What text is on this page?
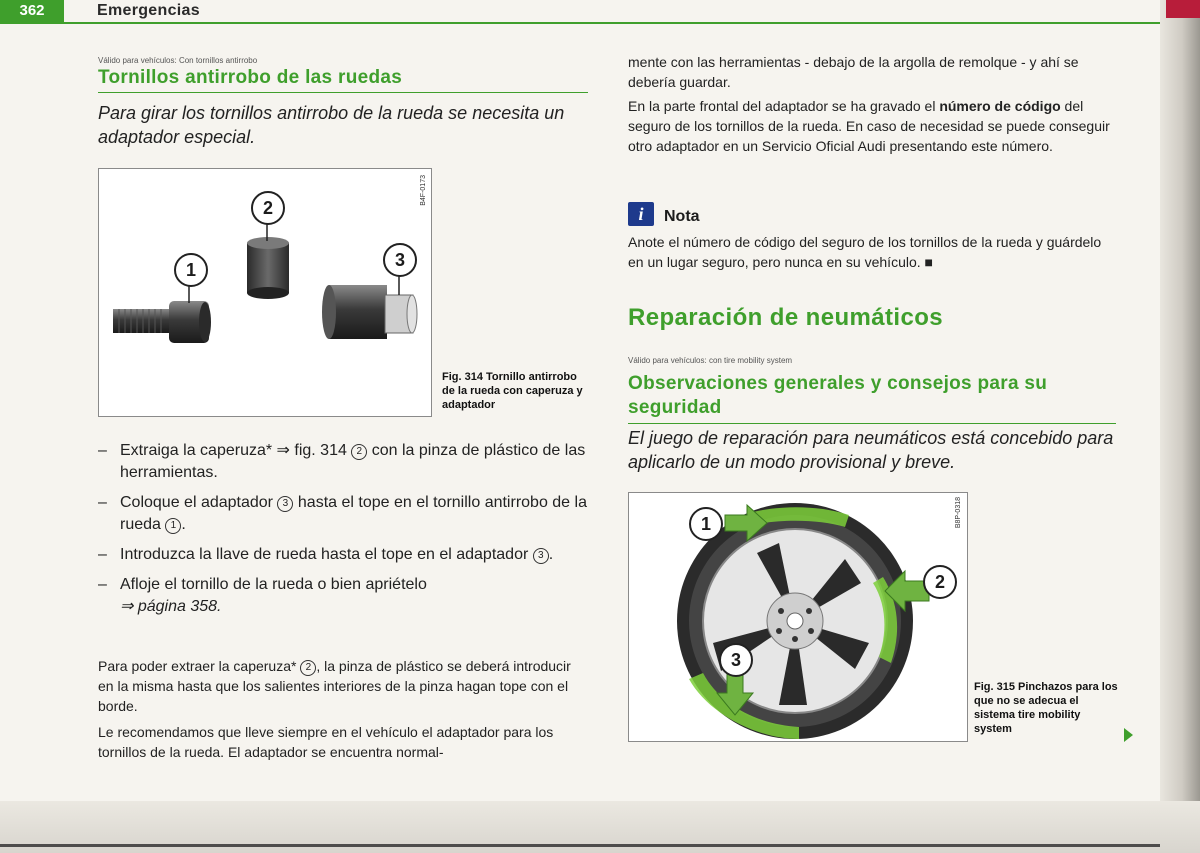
362	Emergencias
Válido para vehículos: Con tornillos antirrobo
Tornillos antirrobo de las ruedas
Para girar los tornillos antirrobo de la rueda se necesita un adaptador especial.
1
2
3
B4F-0173
Fig. 314 Tornillo antirrobo de la rueda con caperuza y adaptador
– Extraiga la caperuza* ⇒ fig. 314 2 con la pinza de plástico de las herramientas.
– Coloque el adaptador 3 hasta el tope en el tornillo antirrobo de la rueda 1 .
– Introduzca la llave de rueda hasta el tope en el adaptador 3 .
– Afloje el tornillo de la rueda o bien apriételo
⇒ página 358.
Para poder extraer la caperuza* 2 , la pinza de plástico se deberá introducir en la misma hasta que los salientes interiores de la pinza hagan tope con el borde.
Le recomendamos que lleve siempre en el vehículo el adaptador para los tornillos de la rueda. El adaptador se encuentra normal-
mente con las herramientas - debajo de la argolla de remolque - y ahí se debería guardar.
En la parte frontal del adaptador se ha gravado el número de código del seguro de los tornillos de la rueda. En caso de necesidad se puede conseguir otro adaptador en un Servicio Oficial Audi presentando este número.
i	Nota
Anote el número de código del seguro de los tornillos de la rueda y guárdelo en un lugar seguro, pero nunca en su vehículo. ■
Reparación de neumáticos
Válido para vehículos: con tire mobility system
Observaciones generales y consejos para su seguridad
El juego de reparación para neumáticos está concebido para aplicarlo de un modo provisional y breve.
1
2
3
B8P-0318
Fig. 315 Pinchazos para los que no se adecua el sistema tire mobility system
